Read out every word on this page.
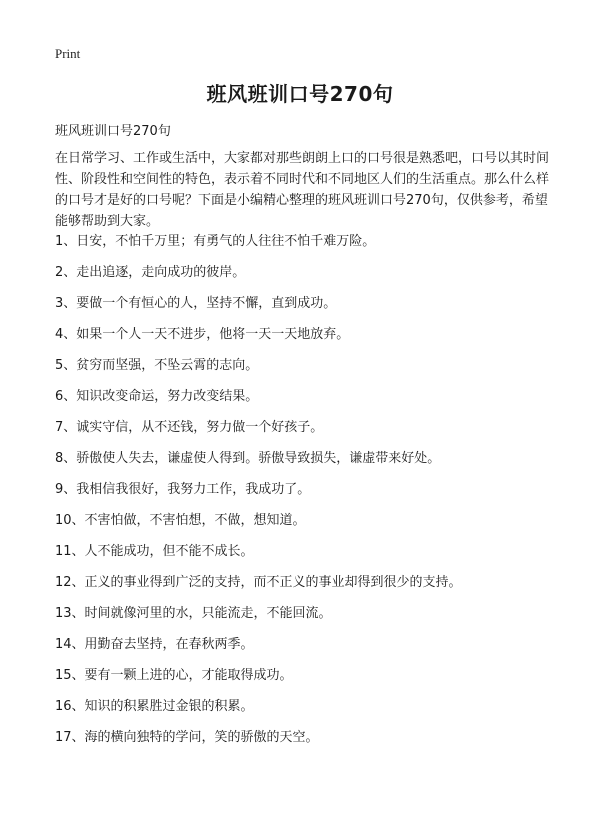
Print
班风班训口号270句

班风班训口号270句

在日常学习、工作或生活中，大家都对那些朗朗上口的口号很是熟悉吧，口号以其时间性、阶段性和空间性的特色，表示着不同时代和不同地区人们的生活重点。那么什么样的口号才是好的口号呢？下面是小编精心整理的班风班训口号270句，仅供参考，希望能够帮助到大家。

1、日安，不怕千万里；有勇气的人往往不怕千难万险。
2、走出追逐，走向成功的彼岸。
3、要做一个有恒心的人，坚持不懈，直到成功。
4、如果一个人一天不进步，他将一天一天地放弃。
5、贫穷而坚强，不坠云霄的志向。
6、知识改变命运，努力改变结果。
7、诚实守信，从不还钱，努力做一个好孩子。
8、骄傲使人失去，谦虚使人得到。骄傲导致损失，谦虚带来好处。
9、我相信我很好，我努力工作，我成功了。
10、不害怕做，不害怕想，不做，想知道。
11、人不能成功，但不能不成长。
12、正义的事业得到广泛的支持，而不正义的事业却得到很少的支持。
13、时间就像河里的水，只能流走，不能回流。
14、用勤奋去坚持，在春秋两季。
15、要有一颗上进的心，才能取得成功。
16、知识的积累胜过金银的积累。
17、海的横向独特的学问，笑的骄傲的天空。
